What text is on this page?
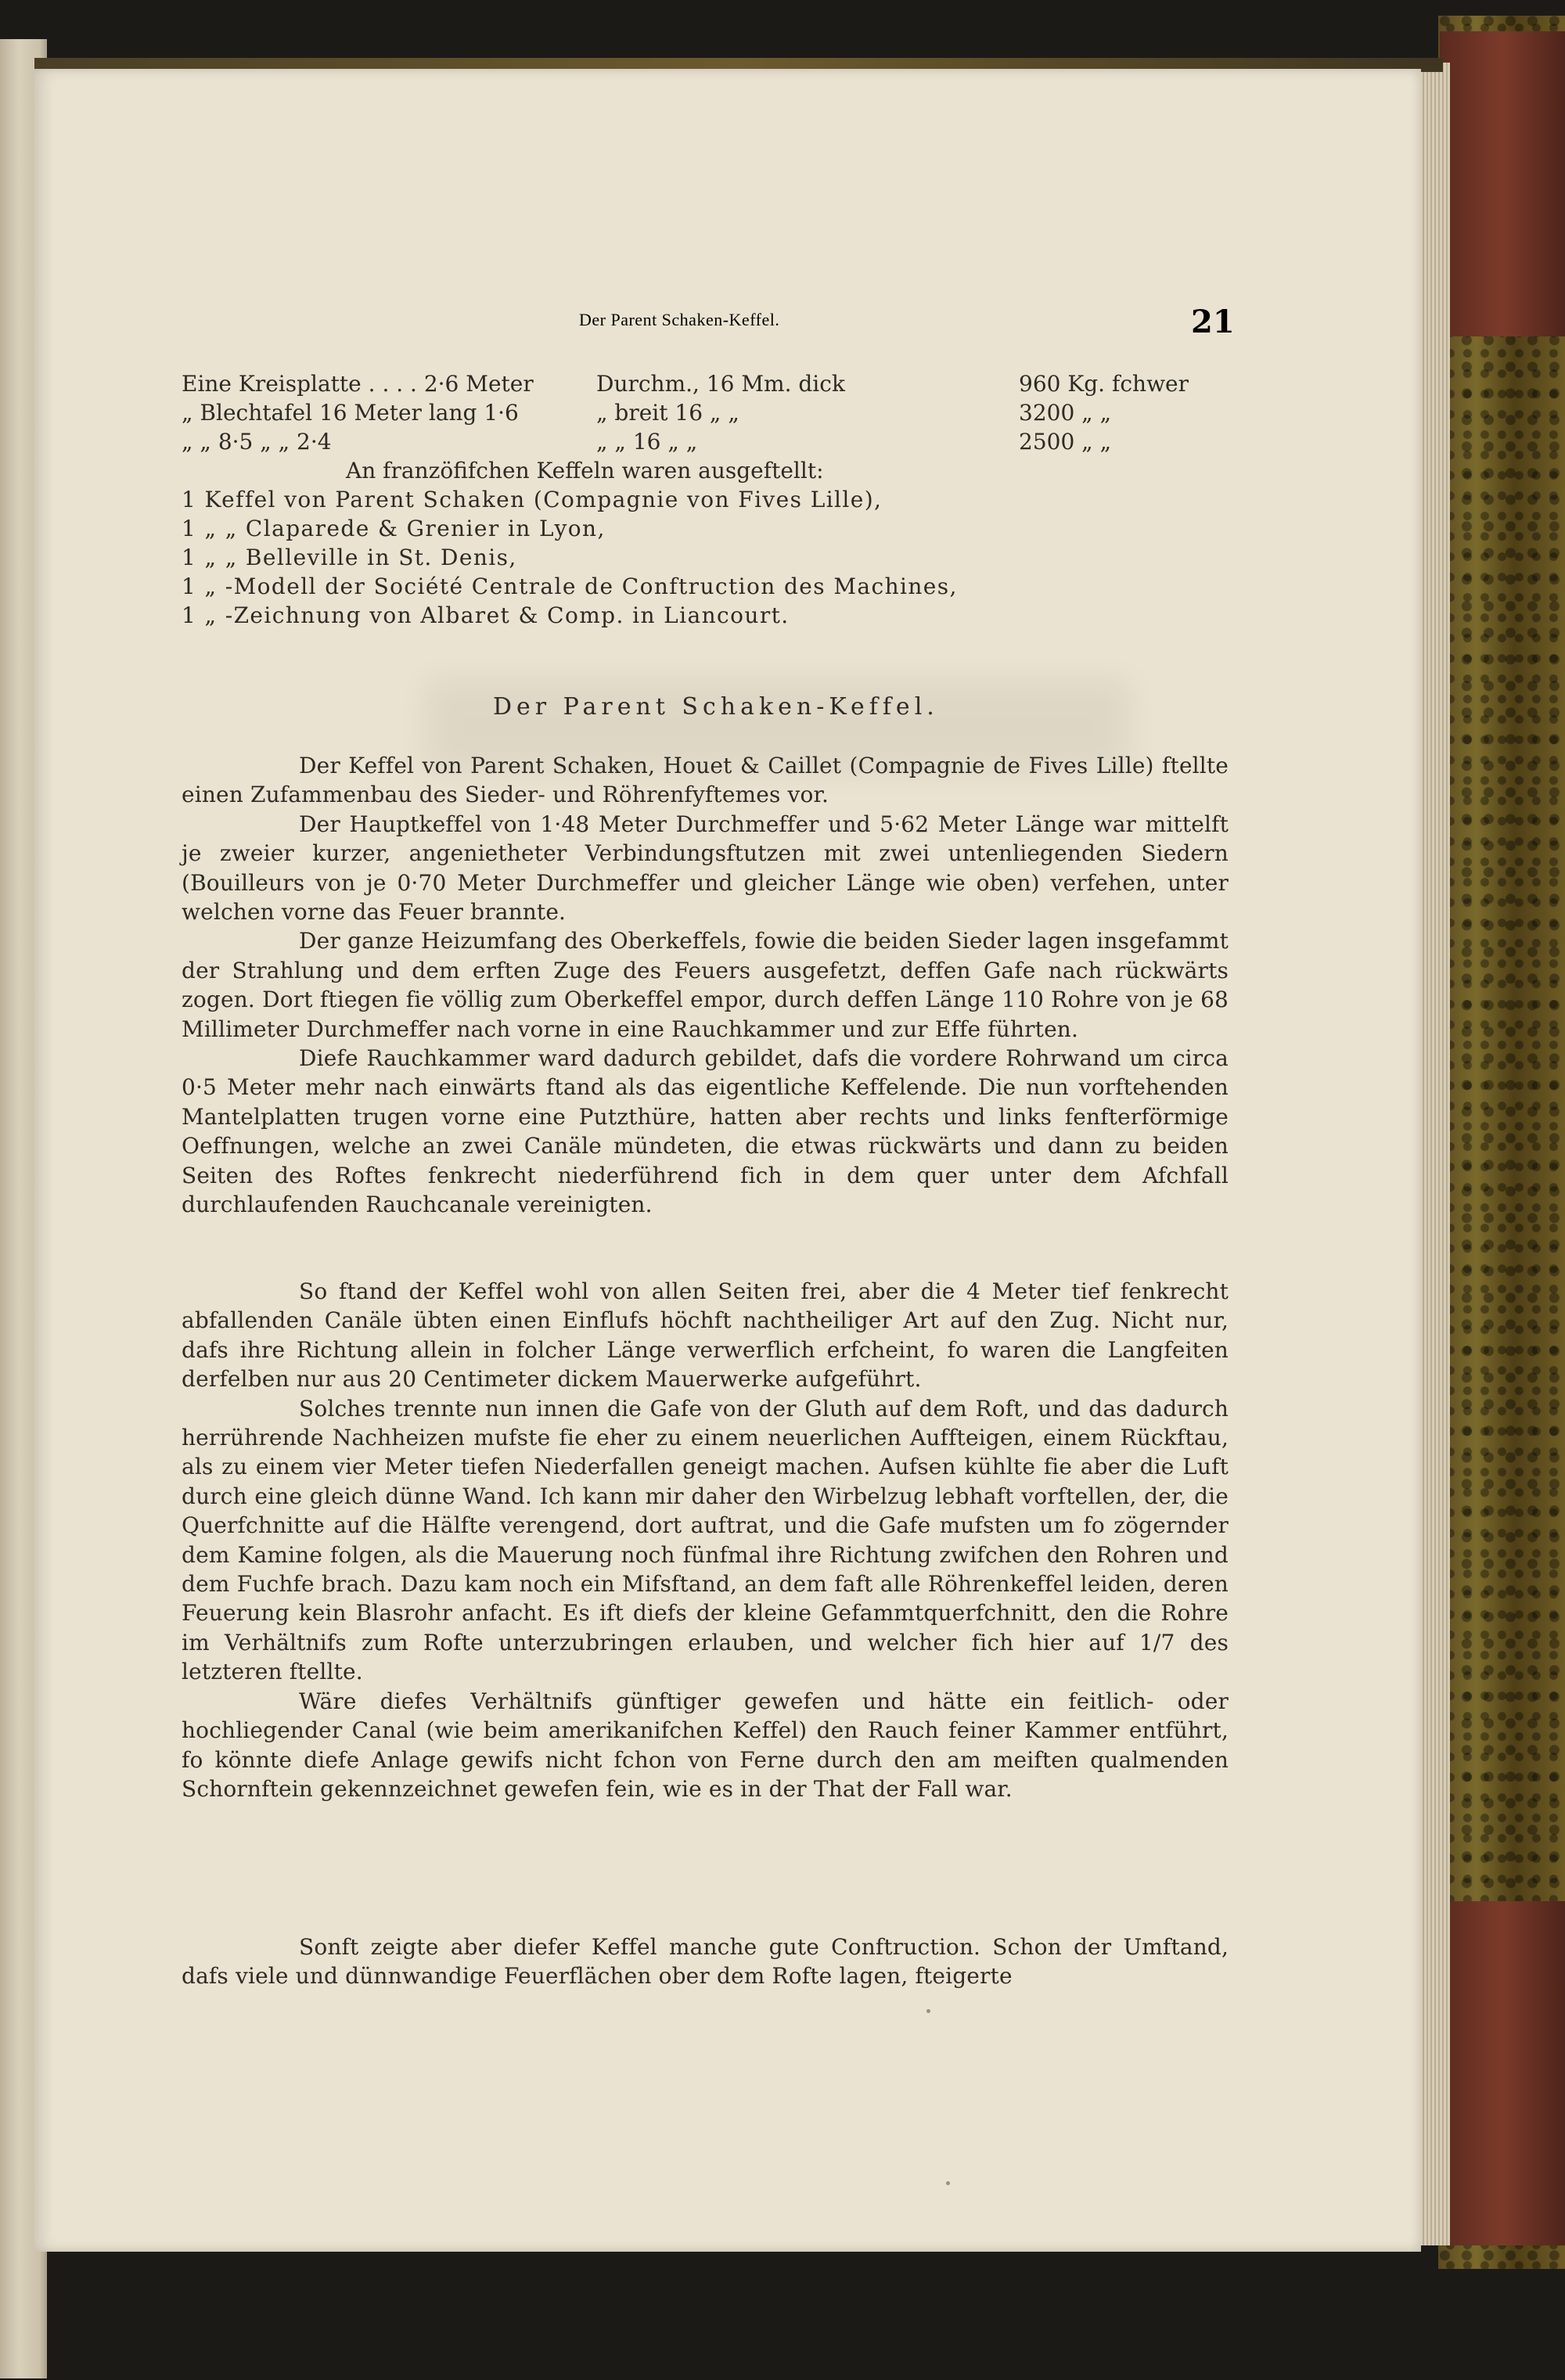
Der Parent Schaken-Keffel.	21
Eine Kreisplatte . . . . 2·6 Meter	Durchm., 16 Mm. dick	960 Kg. fchwer
„ Blechtafel 16 Meter lang 1·6	„ breit 16 „ „	3200 „ „
„ „ 8·5 „ „ 2·4	„ „ 16 „ „	2500 „ „
An franzöfifchen Keffeln waren ausgeftellt:
1 Keffel von Parent Schaken (Compagnie von Fives Lille),
1 „ „ Claparede & Grenier in Lyon,
1 „ „ Belleville in St. Denis,
1 „ -Modell der Société Centrale de Conftruction des Machines,
1 „ -Zeichnung von Albaret & Comp. in Liancourt.
Der Parent Schaken-Keffel.

Der Keffel von Parent Schaken, Houet & Caillet (Compagnie de Fives Lille) ftellte einen Zufammenbau des Sieder- und Röhrenfyftemes vor.

Der Hauptkeffel von 1·48 Meter Durchmeffer und 5·62 Meter Länge war mittelft je zweier kurzer, angenietheter Verbindungsftutzen mit zwei untenliegenden Siedern (Bouilleurs von je 0·70 Meter Durchmeffer und gleicher Länge wie oben) verfehen, unter welchen vorne das Feuer brannte.

Der ganze Heizumfang des Oberkeffels, fowie die beiden Sieder lagen insgefammt der Strahlung und dem erften Zuge des Feuers ausgefetzt, deffen Gafe nach rückwärts zogen. Dort ftiegen fie völlig zum Oberkeffel empor, durch deffen Länge 110 Rohre von je 68 Millimeter Durchmeffer nach vorne in eine Rauchkammer und zur Effe führten.

Diefe Rauchkammer ward dadurch gebildet, dafs die vordere Rohrwand um circa 0·5 Meter mehr nach einwärts ftand als das eigentliche Keffelende. Die nun vorftehenden Mantelplatten trugen vorne eine Putzthüre, hatten aber rechts und links fenfterförmige Oeffnungen, welche an zwei Canäle mündeten, die etwas rückwärts und dann zu beiden Seiten des Roftes fenkrecht niederführend fich in dem quer unter dem Afchfall durchlaufenden Rauchcanale vereinigten.

So ftand der Keffel wohl von allen Seiten frei, aber die 4 Meter tief fenkrecht abfallenden Canäle übten einen Einflufs höchft nachtheiliger Art auf den Zug. Nicht nur, dafs ihre Richtung allein in folcher Länge verwerflich erfcheint, fo waren die Langfeiten derfelben nur aus 20 Centimeter dickem Mauerwerke aufgeführt.

Solches trennte nun innen die Gafe von der Gluth auf dem Roft, und das dadurch herrührende Nachheizen mufste fie eher zu einem neuerlichen Auffteigen, einem Rückftau, als zu einem vier Meter tiefen Niederfallen geneigt machen. Aufsen kühlte fie aber die Luft durch eine gleich dünne Wand. Ich kann mir daher den Wirbelzug lebhaft vorftellen, der, die Querfchnitte auf die Hälfte verengend, dort auftrat, und die Gafe mufsten um fo zögernder dem Kamine folgen, als die Mauerung noch fünfmal ihre Richtung zwifchen den Rohren und dem Fuchfe brach. Dazu kam noch ein Mifsftand, an dem faft alle Röhrenkeffel leiden, deren Feuerung kein Blasrohr anfacht. Es ift diefs der kleine Gefammtquerfchnitt, den die Rohre im Verhältnifs zum Rofte unterzubringen erlauben, und welcher fich hier auf 1/7 des letzteren ftellte.

Wäre diefes Verhältnifs günftiger gewefen und hätte ein feitlich- oder hochliegender Canal (wie beim amerikanifchen Keffel) den Rauch feiner Kammer entführt, fo könnte diefe Anlage gewifs nicht fchon von Ferne durch den am meiften qualmenden Schornftein gekennzeichnet gewefen fein, wie es in der That der Fall war.

Sonft zeigte aber diefer Keffel manche gute Conftruction. Schon der Umftand, dafs viele und dünnwandige Feuerflächen ober dem Rofte lagen, fteigerte
